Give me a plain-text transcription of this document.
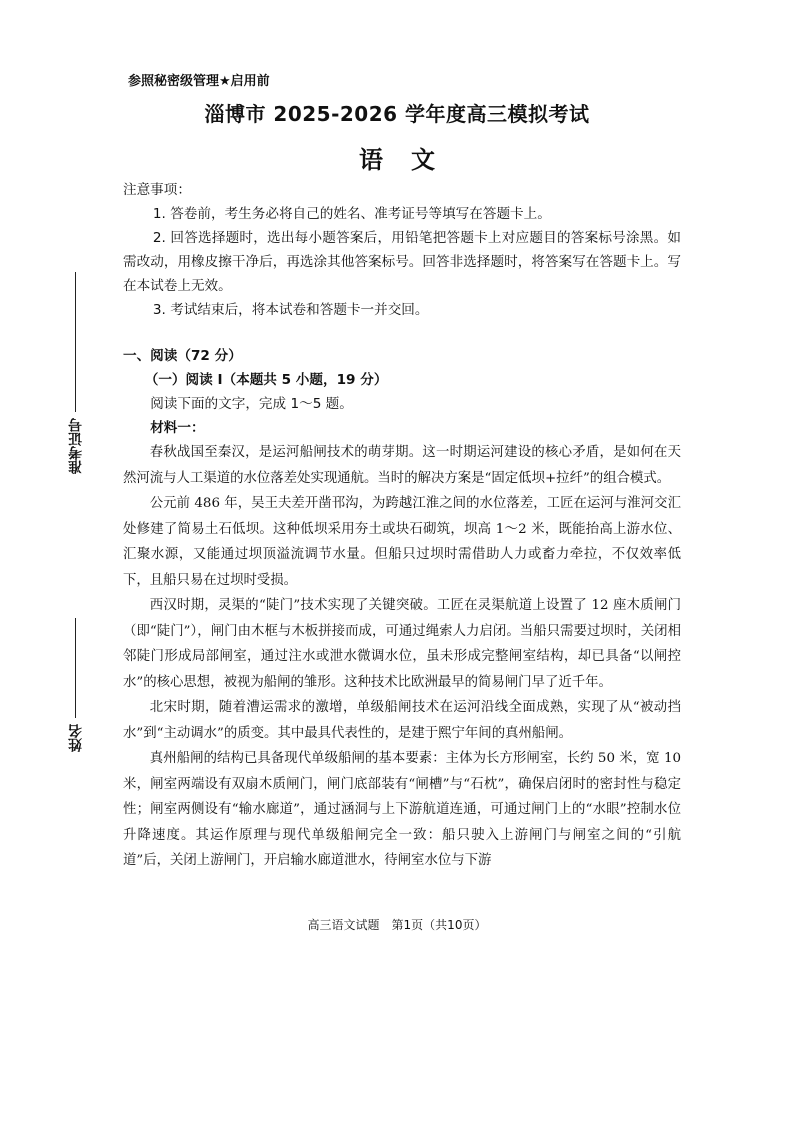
参照秘密级管理★启用前
淄博市 2025-2026 学年度高三模拟考试
语文
准考证号
姓名

注意事项：

1. 答卷前，考生务必将自己的姓名、准考证号等填写在答题卡上。

2. 回答选择题时，选出每小题答案后，用铅笔把答题卡上对应题目的答案标号涂黑。如需改动，用橡皮擦干净后，再选涂其他答案标号。回答非选择题时，将答案写在答题卡上。写在本试卷上无效。

3. 考试结束后，将本试卷和答题卡一并交回。

一、阅读（72 分）

（一）阅读 I（本题共 5 小题，19 分）

阅读下面的文字，完成 1～5 题。

材料一：

春秋战国至秦汉，是运河船闸技术的萌芽期。这一时期运河建设的核心矛盾，是如何在天然河流与人工渠道的水位落差处实现通航。当时的解决方案是“固定低坝+拉纤”的组合模式。

公元前 486 年，吴王夫差开凿邗沟，为跨越江淮之间的水位落差，工匠在运河与淮河交汇处修建了简易土石低坝。这种低坝采用夯土或块石砌筑，坝高 1～2 米，既能抬高上游水位、汇聚水源，又能通过坝顶溢流调节水量。但船只过坝时需借助人力或畜力牵拉，不仅效率低下，且船只易在过坝时受损。

西汉时期，灵渠的“陡门”技术实现了关键突破。工匠在灵渠航道上设置了 12 座木质闸门（即“陡门”），闸门由木框与木板拼接而成，可通过绳索人力启闭。当船只需要过坝时，关闭相邻陡门形成局部闸室，通过注水或泄水微调水位，虽未形成完整闸室结构，却已具备“以闸控水”的核心思想，被视为船闸的雏形。这种技术比欧洲最早的简易闸门早了近千年。

北宋时期，随着漕运需求的激增，单级船闸技术在运河沿线全面成熟，实现了从“被动挡水”到“主动调水”的质变。其中最具代表性的，是建于熙宁年间的真州船闸。

真州船闸的结构已具备现代单级船闸的基本要素：主体为长方形闸室，长约 50 米，宽 10 米，闸室两端设有双扇木质闸门，闸门底部装有“闸槽”与“石枕”，确保启闭时的密封性与稳定性；闸室两侧设有“输水廊道”，通过涵洞与上下游航道连通，可通过闸门上的“水眼”控制水位升降速度。其运作原理与现代单级船闸完全一致：船只驶入上游闸门与闸室之间的“引航道”后，关闭上游闸门，开启输水廊道泄水，待闸室水位与下游

高三语文试题　第1页（共10页）
